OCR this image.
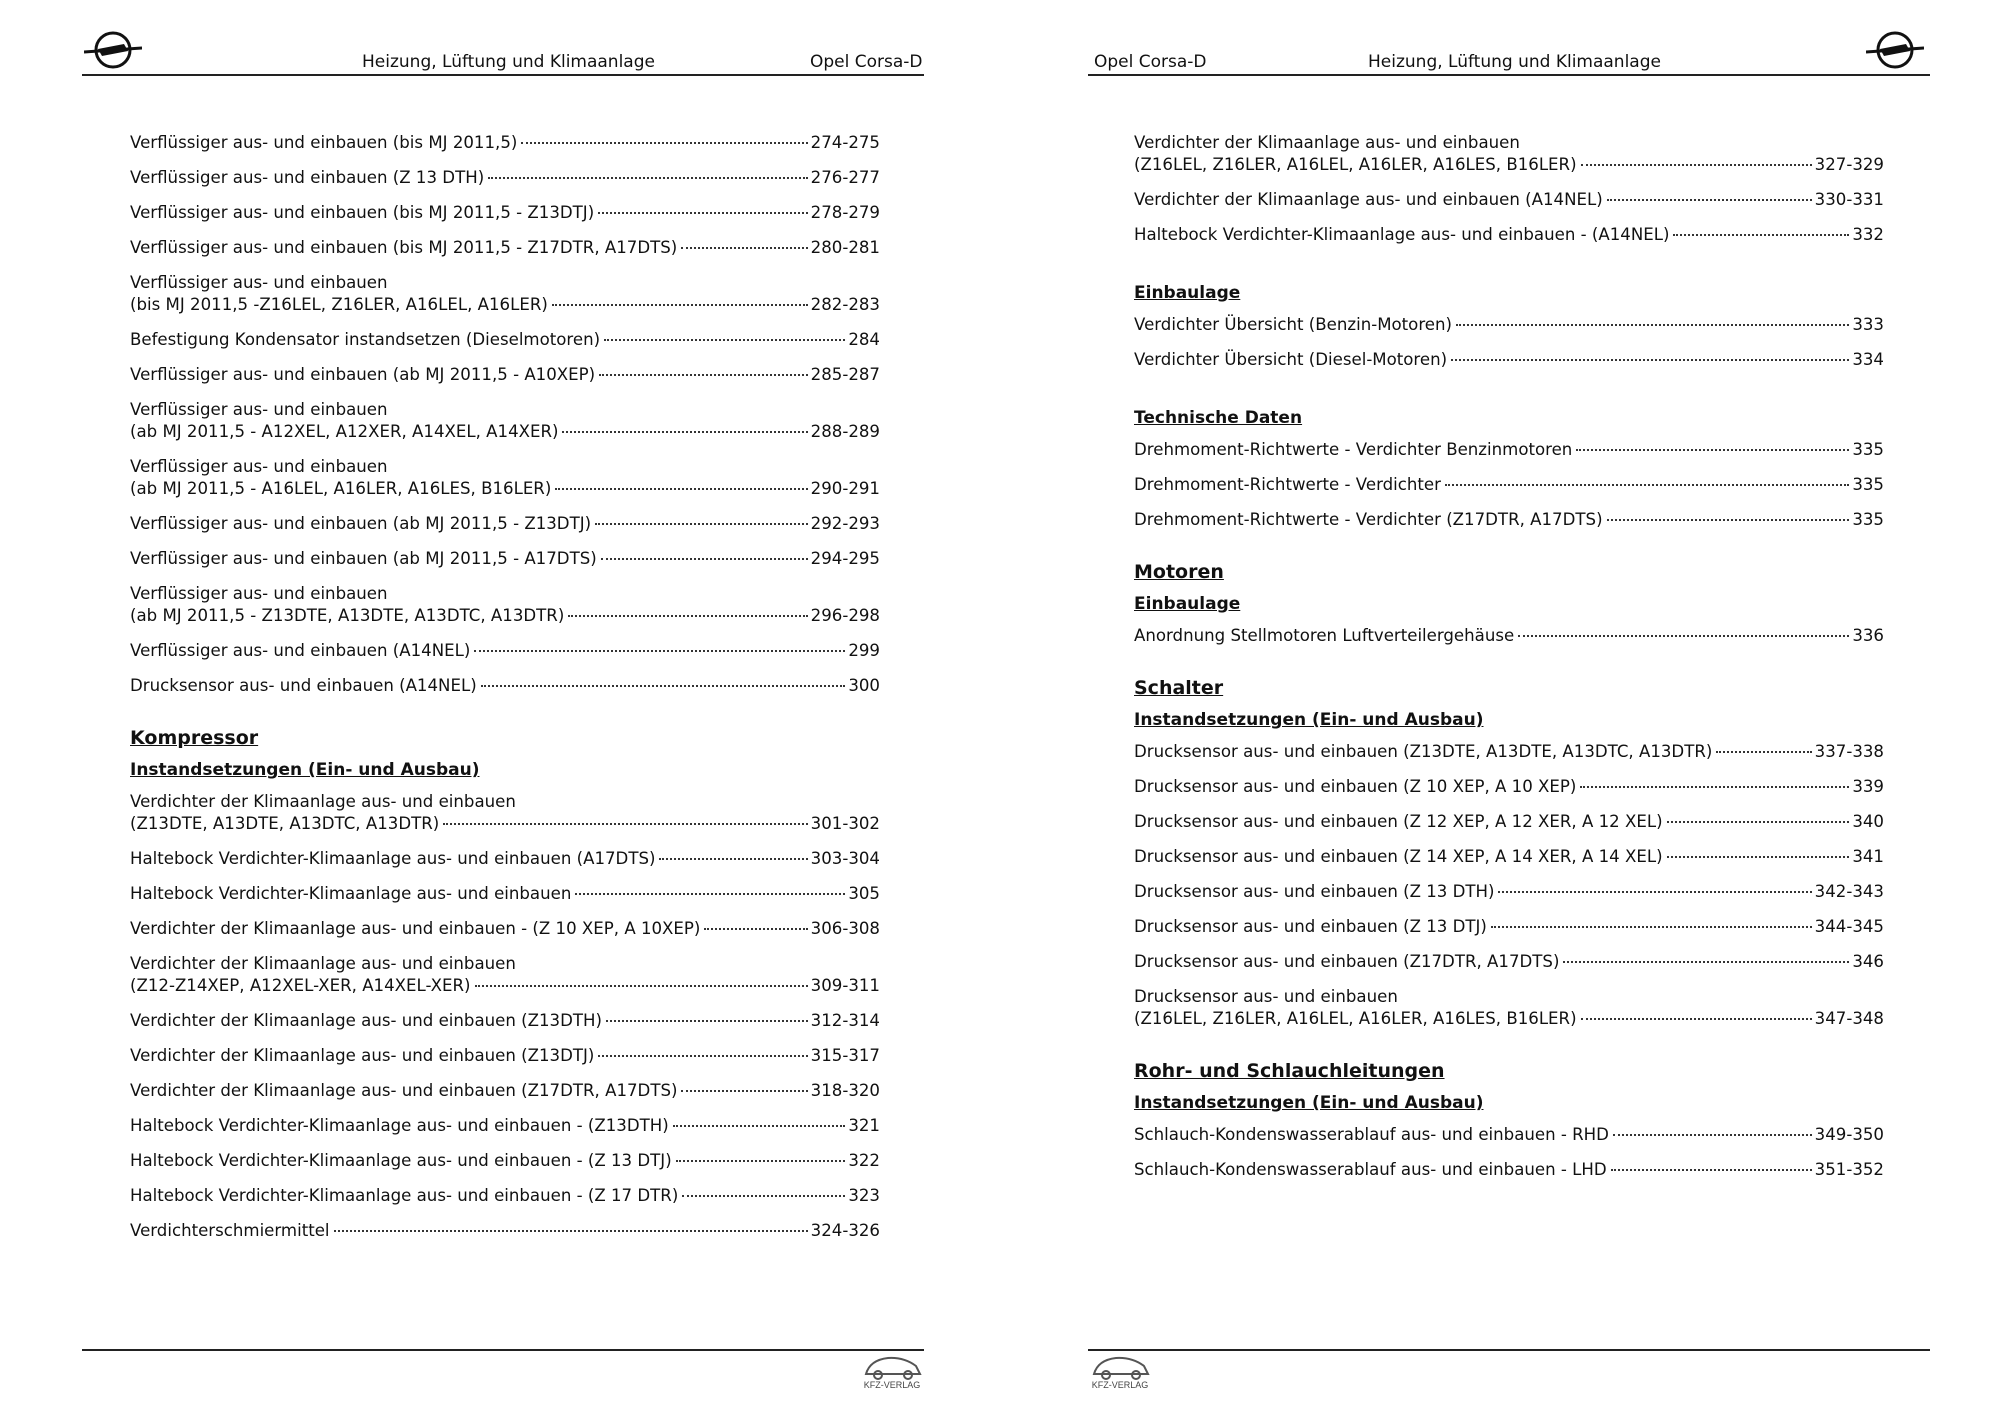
Heizung, Lüftung und Klimaanlage	Opel Corsa-D
Verflüssiger aus- und einbauen (bis MJ 2011,5)	274-275
Verflüssiger aus- und einbauen (Z 13 DTH)	276-277
Verflüssiger aus- und einbauen (bis MJ 2011,5 - Z13DTJ)	278-279
Verflüssiger aus- und einbauen (bis MJ 2011,5 - Z17DTR, A17DTS)	280-281
Verflüssiger aus- und einbauen
(bis MJ 2011,5 -Z16LEL, Z16LER, A16LEL, A16LER)	282-283
Befestigung Kondensator instandsetzen (Dieselmotoren)	284
Verflüssiger aus- und einbauen (ab MJ 2011,5 - A10XEP)	285-287
Verflüssiger aus- und einbauen
(ab MJ 2011,5 - A12XEL, A12XER, A14XEL, A14XER)	288-289
Verflüssiger aus- und einbauen
(ab MJ 2011,5 - A16LEL, A16LER, A16LES, B16LER)	290-291
Verflüssiger aus- und einbauen (ab MJ 2011,5 - Z13DTJ)	292-293
Verflüssiger aus- und einbauen (ab MJ 2011,5 - A17DTS)	294-295
Verflüssiger aus- und einbauen
(ab MJ 2011,5 - Z13DTE, A13DTE, A13DTC, A13DTR)	296-298
Verflüssiger aus- und einbauen (A14NEL)	299
Drucksensor aus- und einbauen (A14NEL)	300
Kompressor
Instandsetzungen (Ein- und Ausbau)
Verdichter der Klimaanlage aus- und einbauen
(Z13DTE, A13DTE, A13DTC, A13DTR)	301-302
Haltebock Verdichter-Klimaanlage aus- und einbauen (A17DTS)	303-304
Haltebock Verdichter-Klimaanlage aus- und einbauen	305
Verdichter der Klimaanlage aus- und einbauen - (Z 10 XEP, A 10XEP)	306-308
Verdichter der Klimaanlage aus- und einbauen
(Z12-Z14XEP, A12XEL-XER, A14XEL-XER)	309-311
Verdichter der Klimaanlage aus- und einbauen (Z13DTH)	312-314
Verdichter der Klimaanlage aus- und einbauen (Z13DTJ)	315-317
Verdichter der Klimaanlage aus- und einbauen (Z17DTR, A17DTS)	318-320
Haltebock Verdichter-Klimaanlage aus- und einbauen - (Z13DTH)	321
Haltebock Verdichter-Klimaanlage aus- und einbauen - (Z 13 DTJ)	322
Haltebock Verdichter-Klimaanlage aus- und einbauen - (Z 17 DTR)	323
Verdichterschmiermittel	324-326
KFZ-VERLAG
Opel Corsa-D	Heizung, Lüftung und Klimaanlage
Verdichter der Klimaanlage aus- und einbauen
(Z16LEL, Z16LER, A16LEL, A16LER, A16LES, B16LER)	327-329
Verdichter der Klimaanlage aus- und einbauen (A14NEL)	330-331
Haltebock Verdichter-Klimaanlage aus- und einbauen - (A14NEL)	332
Einbaulage
Verdichter Übersicht (Benzin-Motoren)	333
Verdichter Übersicht (Diesel-Motoren)	334
Technische Daten
Drehmoment-Richtwerte - Verdichter Benzinmotoren	335
Drehmoment-Richtwerte - Verdichter	335
Drehmoment-Richtwerte - Verdichter (Z17DTR, A17DTS)	335
Motoren
Einbaulage
Anordnung Stellmotoren Luftverteilergehäuse	336
Schalter
Instandsetzungen (Ein- und Ausbau)
Drucksensor aus- und einbauen (Z13DTE, A13DTE, A13DTC, A13DTR)	337-338
Drucksensor aus- und einbauen (Z 10 XEP, A 10 XEP)	339
Drucksensor aus- und einbauen (Z 12 XEP, A 12 XER, A 12 XEL)	340
Drucksensor aus- und einbauen (Z 14 XEP, A 14 XER, A 14 XEL)	341
Drucksensor aus- und einbauen (Z 13 DTH)	342-343
Drucksensor aus- und einbauen (Z 13 DTJ)	344-345
Drucksensor aus- und einbauen (Z17DTR, A17DTS)	346
Drucksensor aus- und einbauen
(Z16LEL, Z16LER, A16LEL, A16LER, A16LES, B16LER)	347-348
Rohr- und Schlauchleitungen
Instandsetzungen (Ein- und Ausbau)
Schlauch-Kondenswasserablauf aus- und einbauen - RHD	349-350
Schlauch-Kondenswasserablauf aus- und einbauen - LHD	351-352
KFZ-VERLAG
